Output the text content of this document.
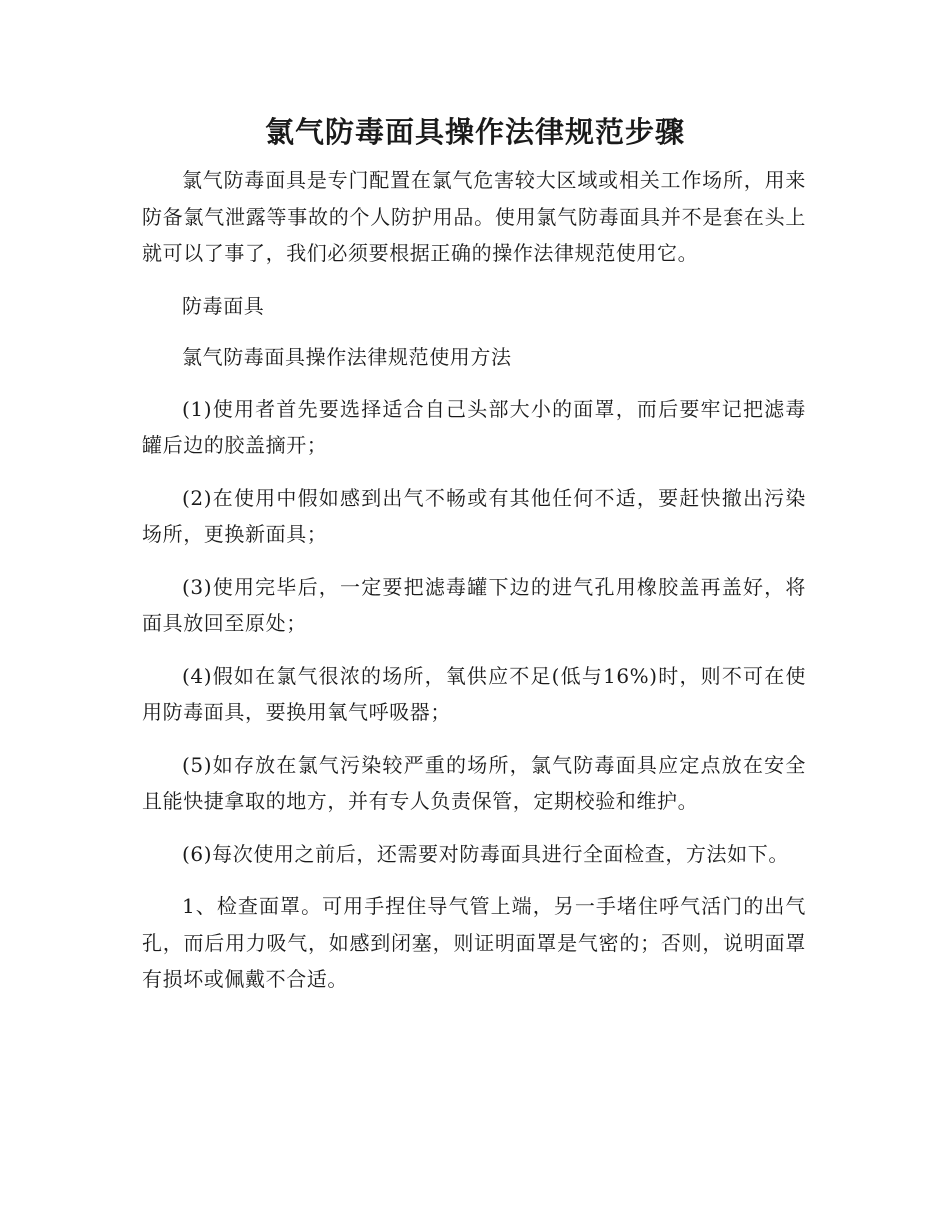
氯气防毒面具操作法律规范步骤

氯气防毒面具是专门配置在氯气危害较大区域或相关工作场所，用来防备氯气泄露等事故的个人防护用品。使用氯气防毒面具并不是套在头上就可以了事了，我们必须要根据正确的操作法律规范使用它。

防毒面具

氯气防毒面具操作法律规范使用方法

(1)使用者首先要选择适合自己头部大小的面罩，而后要牢记把滤毒罐后边的胶盖摘开；

(2)在使用中假如感到出气不畅或有其他任何不适，要赶快撤出污染场所，更换新面具；

(3)使用完毕后，一定要把滤毒罐下边的进气孔用橡胶盖再盖好，将面具放回至原处；

(4)假如在氯气很浓的场所，氧供应不足(低与16%)时，则不可在使用防毒面具，要换用氧气呼吸器；

(5)如存放在氯气污染较严重的场所，氯气防毒面具应定点放在安全且能快捷拿取的地方，并有专人负责保管，定期校验和维护。

(6)每次使用之前后，还需要对防毒面具进行全面检查，方法如下。

1、检查面罩。可用手捏住导气管上端，另一手堵住呼气活门的出气孔，而后用力吸气，如感到闭塞，则证明面罩是气密的；否则，说明面罩有损坏或佩戴不合适。
